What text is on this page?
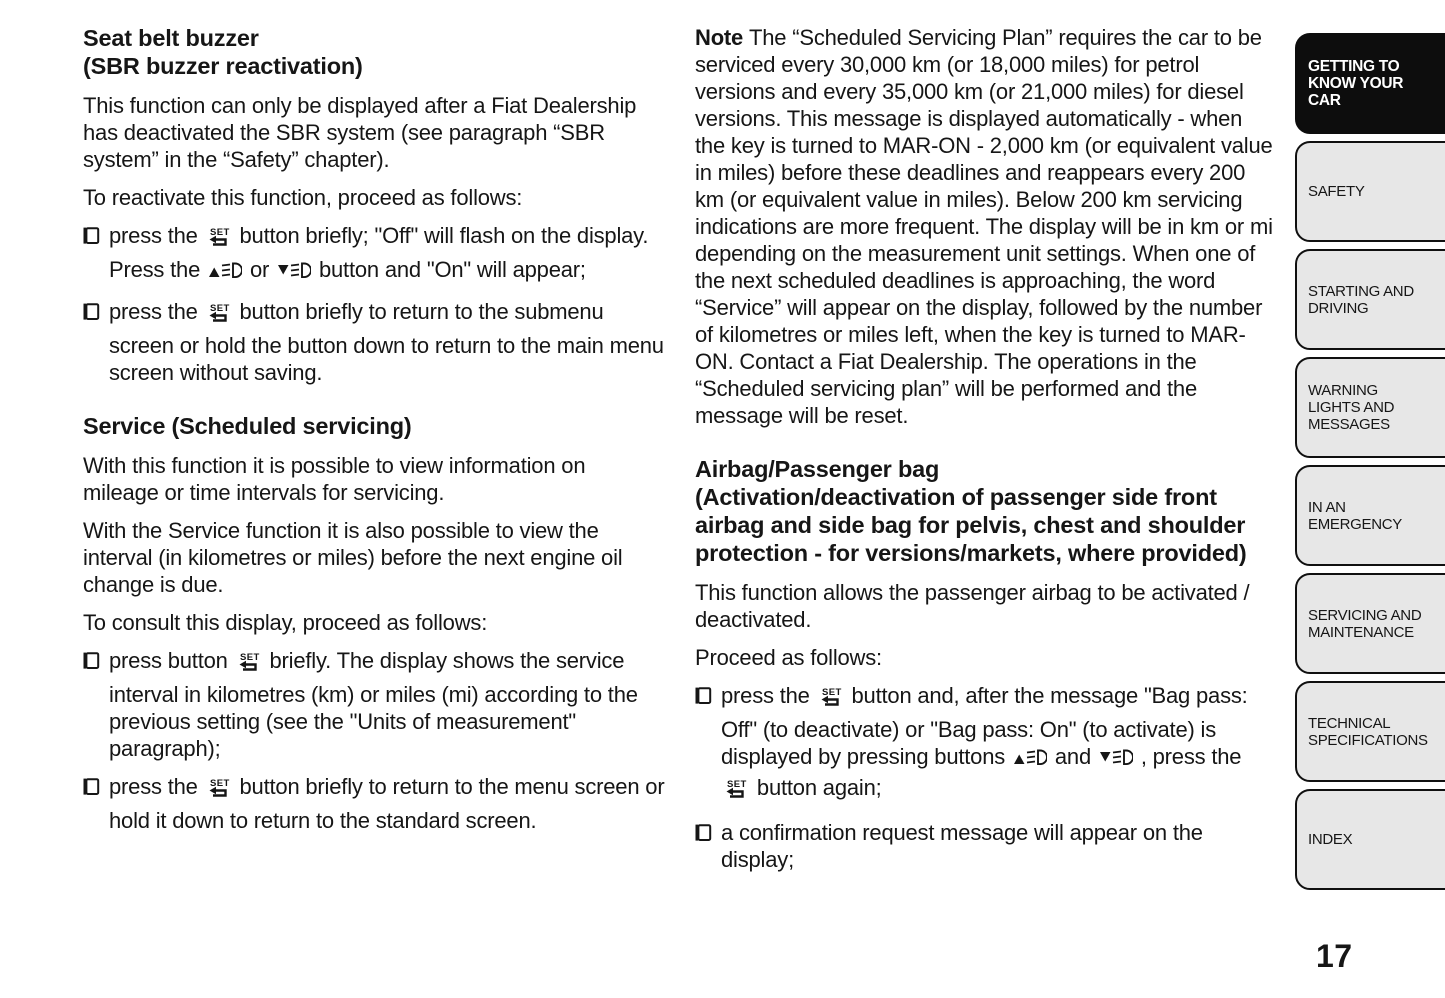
Seat belt buzzer
(SBR buzzer reactivation)

This function can only be displayed after a Fiat Dealership has deactivated the SBR system (see paragraph “SBR system” in the “Safety” chapter).

To reactivate this function, proceed as follows:

press the SET button briefly; "Off" will flash on the display. Press the  or  button and "On" will appear;
press the SET button briefly to return to the submenu screen or hold the button down to return to the main menu screen without saving.
Service (Scheduled servicing)

With this function it is possible to view information on mileage or time intervals for servicing.

With the Service function it is also possible to view the interval (in kilometres or miles) before the next engine oil change is due.

To consult this display, proceed as follows:

press button SET briefly. The display shows the service interval in kilometres (km) or miles (mi) according to the previous setting (see the "Units of measurement" paragraph);
press the SET button briefly to return to the menu screen or hold it down to return to the standard screen.

Note The “Scheduled Servicing Plan” requires the car to be serviced every 30,000 km (or 18,000 miles) for petrol versions and every 35,000 km (or 21,000 miles) for diesel versions. This message is displayed automatically - when the key is turned to MAR-ON - 2,000 km (or equivalent value in miles) before these deadlines and reappears every 200 km (or equivalent value in miles). Below 200 km servicing indications are more frequent. The display will be in km or mi depending on the measurement unit settings. When one of the next scheduled deadlines is approaching, the word “Service” will appear on the display, followed by the number of kilometres or miles left, when the key is turned to MAR-ON. Contact a Fiat Dealership. The operations in the “Scheduled servicing plan” will be performed and the message will be reset.

Airbag/Passenger bag
(Activation/deactivation of passenger side front airbag and side bag for pelvis, chest and shoulder protection - for versions/markets, where provided)

This function allows the passenger airbag to be activated / deactivated.

Proceed as follows:

press the SET button and, after the message "Bag pass: Off" (to deactivate) or "Bag pass: On" (to activate) is displayed by pressing buttons  and  , press the
SET button again;
a confirmation request message will appear on the display;
GETTING TO KNOW YOUR CAR
SAFETY
STARTING AND DRIVING
WARNING LIGHTS AND MESSAGES
IN AN EMERGENCY
SERVICING AND MAINTENANCE
TECHNICAL SPECIFICATIONS
INDEX
17
